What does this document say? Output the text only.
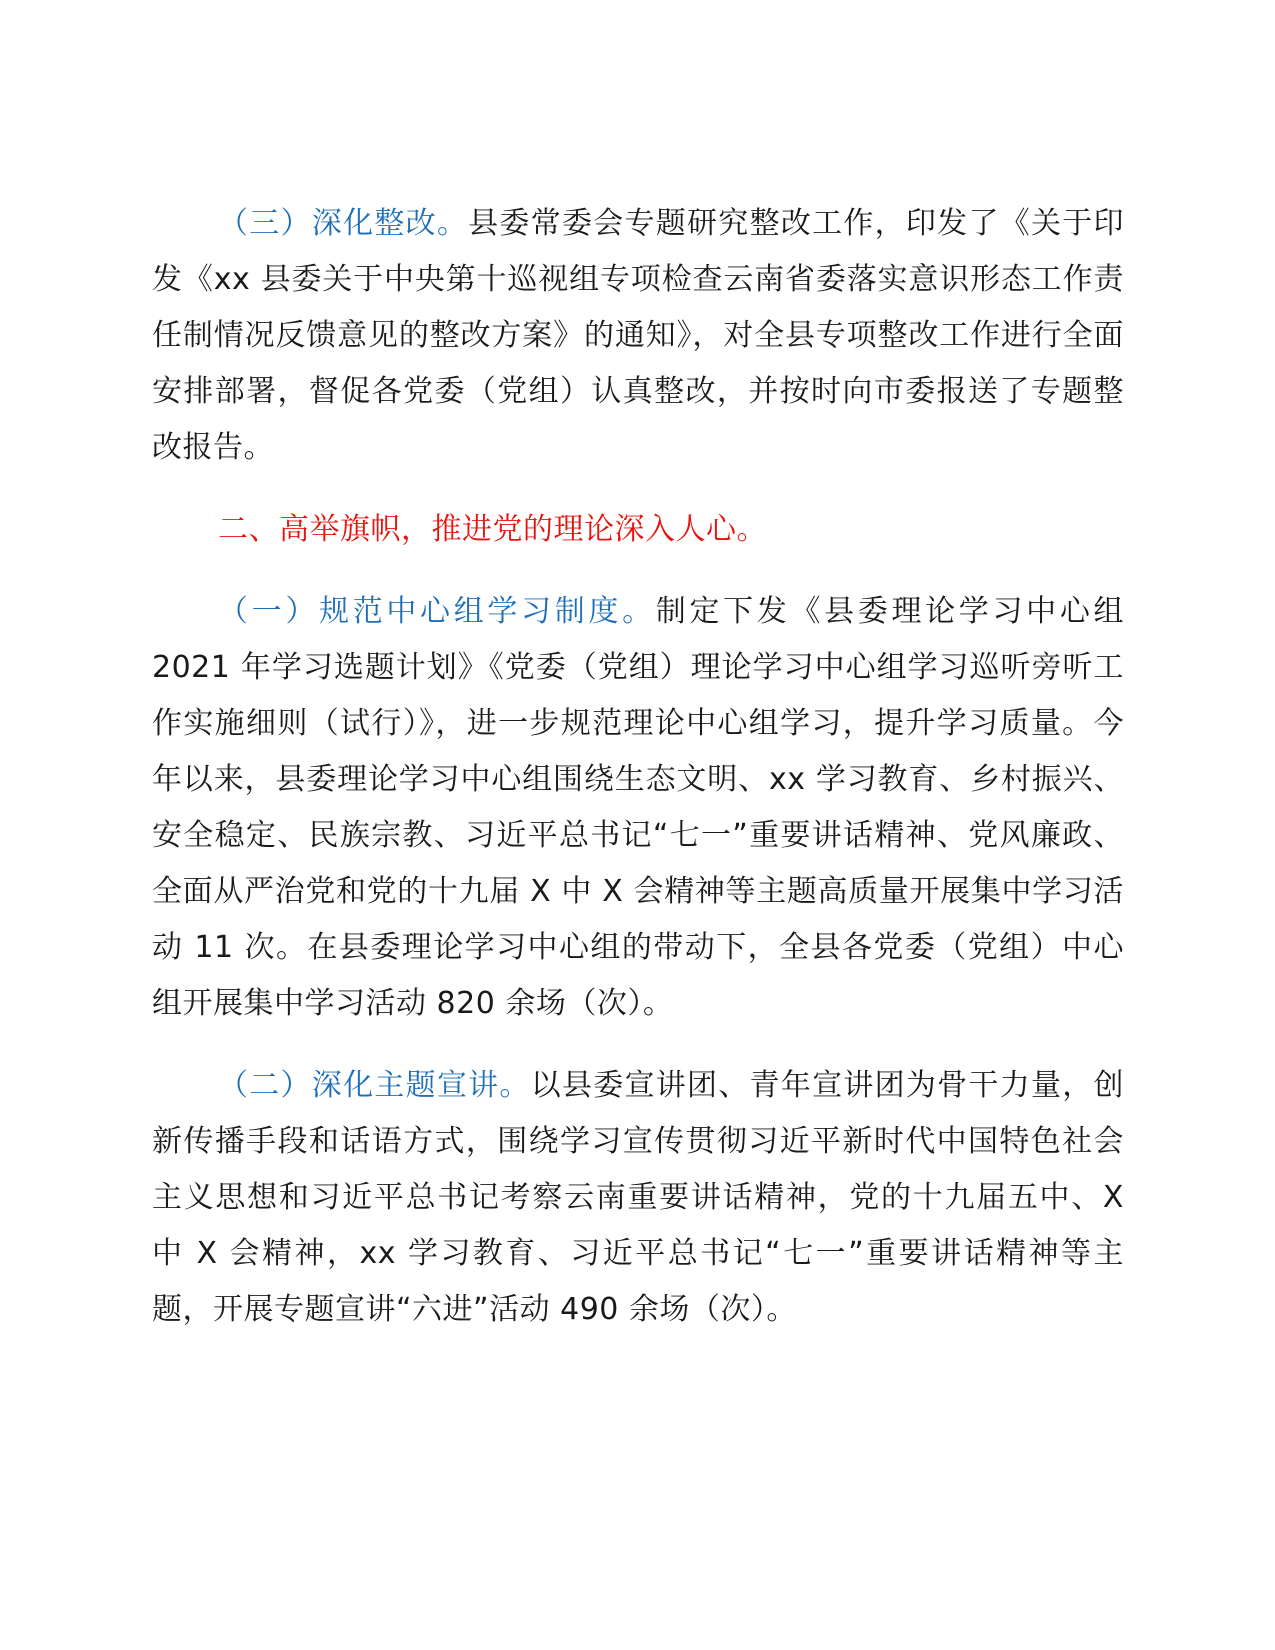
（三）深化整改。县委常委会专题研究整改工作，印发了《关于印发《xx 县委关于中央第十巡视组专项检查云南省委落实意识形态工作责任制情况反馈意见的整改方案》的通知》，对全县专项整改工作进行全面安排部署，督促各党委（党组）认真整改，并按时向市委报送了专题整改报告。

二、高举旗帜，推进党的理论深入人心。

（一）规范中心组学习制度。制定下发《县委理论学习中心组 2021 年学习选题计划》《党委（党组）理论学习中心组学习巡听旁听工作实施细则（试行）》，进一步规范理论中心组学习，提升学习质量。今年以来，县委理论学习中心组围绕生态文明、xx 学习教育、乡村振兴、安全稳定、民族宗教、习近平总书记“七一”重要讲话精神、党风廉政、全面从严治党和党的十九届 X 中 X 会精神等主题高质量开展集中学习活动 11 次。在县委理论学习中心组的带动下，全县各党委（党组）中心组开展集中学习活动 820 余场（次）。

（二）深化主题宣讲。以县委宣讲团、青年宣讲团为骨干力量，创新传播手段和话语方式，围绕学习宣传贯彻习近平新时代中国特色社会主义思想和习近平总书记考察云南重要讲话精神，党的十九届五中、X 中 X 会精神，xx 学习教育、习近平总书记“七一”重要讲话精神等主题，开展专题宣讲“六进”活动 490 余场（次）。
